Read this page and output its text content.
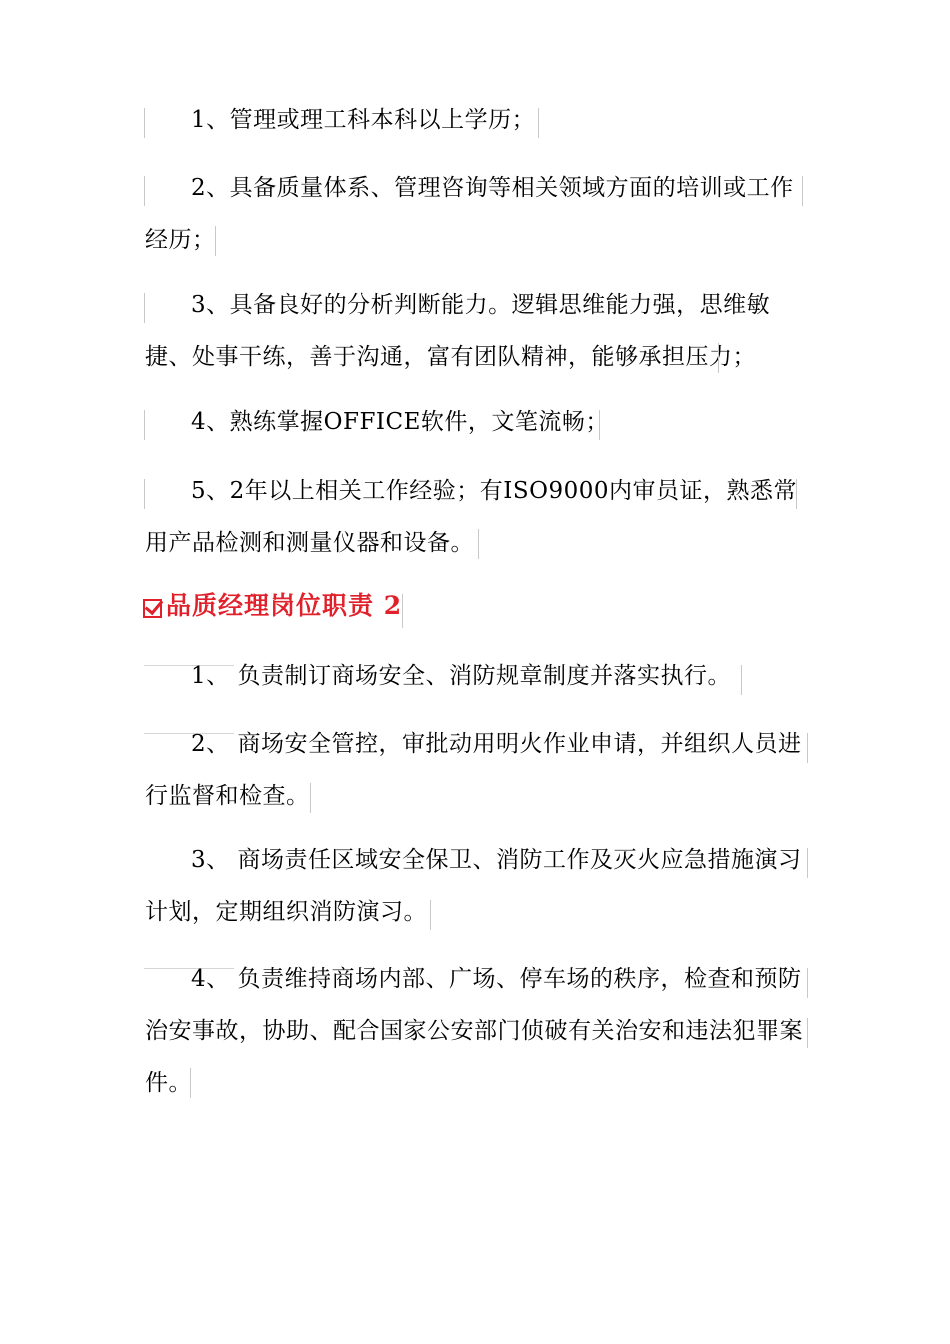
1、管理或理工科本科以上学历；
2、具备质量体系、管理咨询等相关领域方面的培训或工作经历；
3、具备良好的分析判断能力。逻辑思维能力强，思维敏捷、处事干练，善于沟通，富有团队精神，能够承担压力；
4、熟练掌握OFFICE软件，文笔流畅；
5、2年以上相关工作经验；有ISO9000内审员证，熟悉常用产品检测和测量仪器和设备。
品质经理岗位职责 2
1、 负责制订商场安全、消防规章制度并落实执行。
2、 商场安全管控，审批动用明火作业申请，并组织人员进行监督和检查。
3、 商场责任区域安全保卫、消防工作及灭火应急措施演习计划，定期组织消防演习。
4、 负责维持商场内部、广场、停车场的秩序，检查和预防治安事故，协助、配合国家公安部门侦破有关治安和违法犯罪案件。
